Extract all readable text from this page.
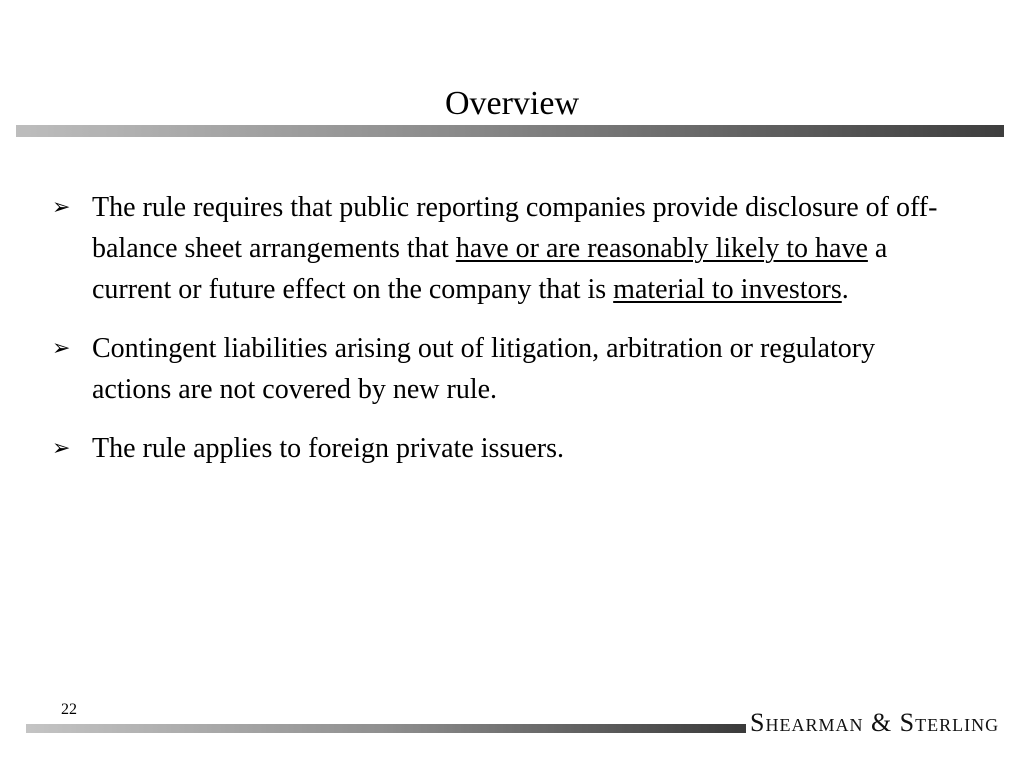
Overview
➢ The rule requires that public reporting companies provide disclosure of off-balance sheet arrangements that have or are reasonably likely to have a current or future effect on the company that is material to investors.
➢ Contingent liabilities arising out of litigation, arbitration or regulatory actions are not covered by new rule.
➢ The rule applies to foreign private issuers.
22	Shearman & Sterling
